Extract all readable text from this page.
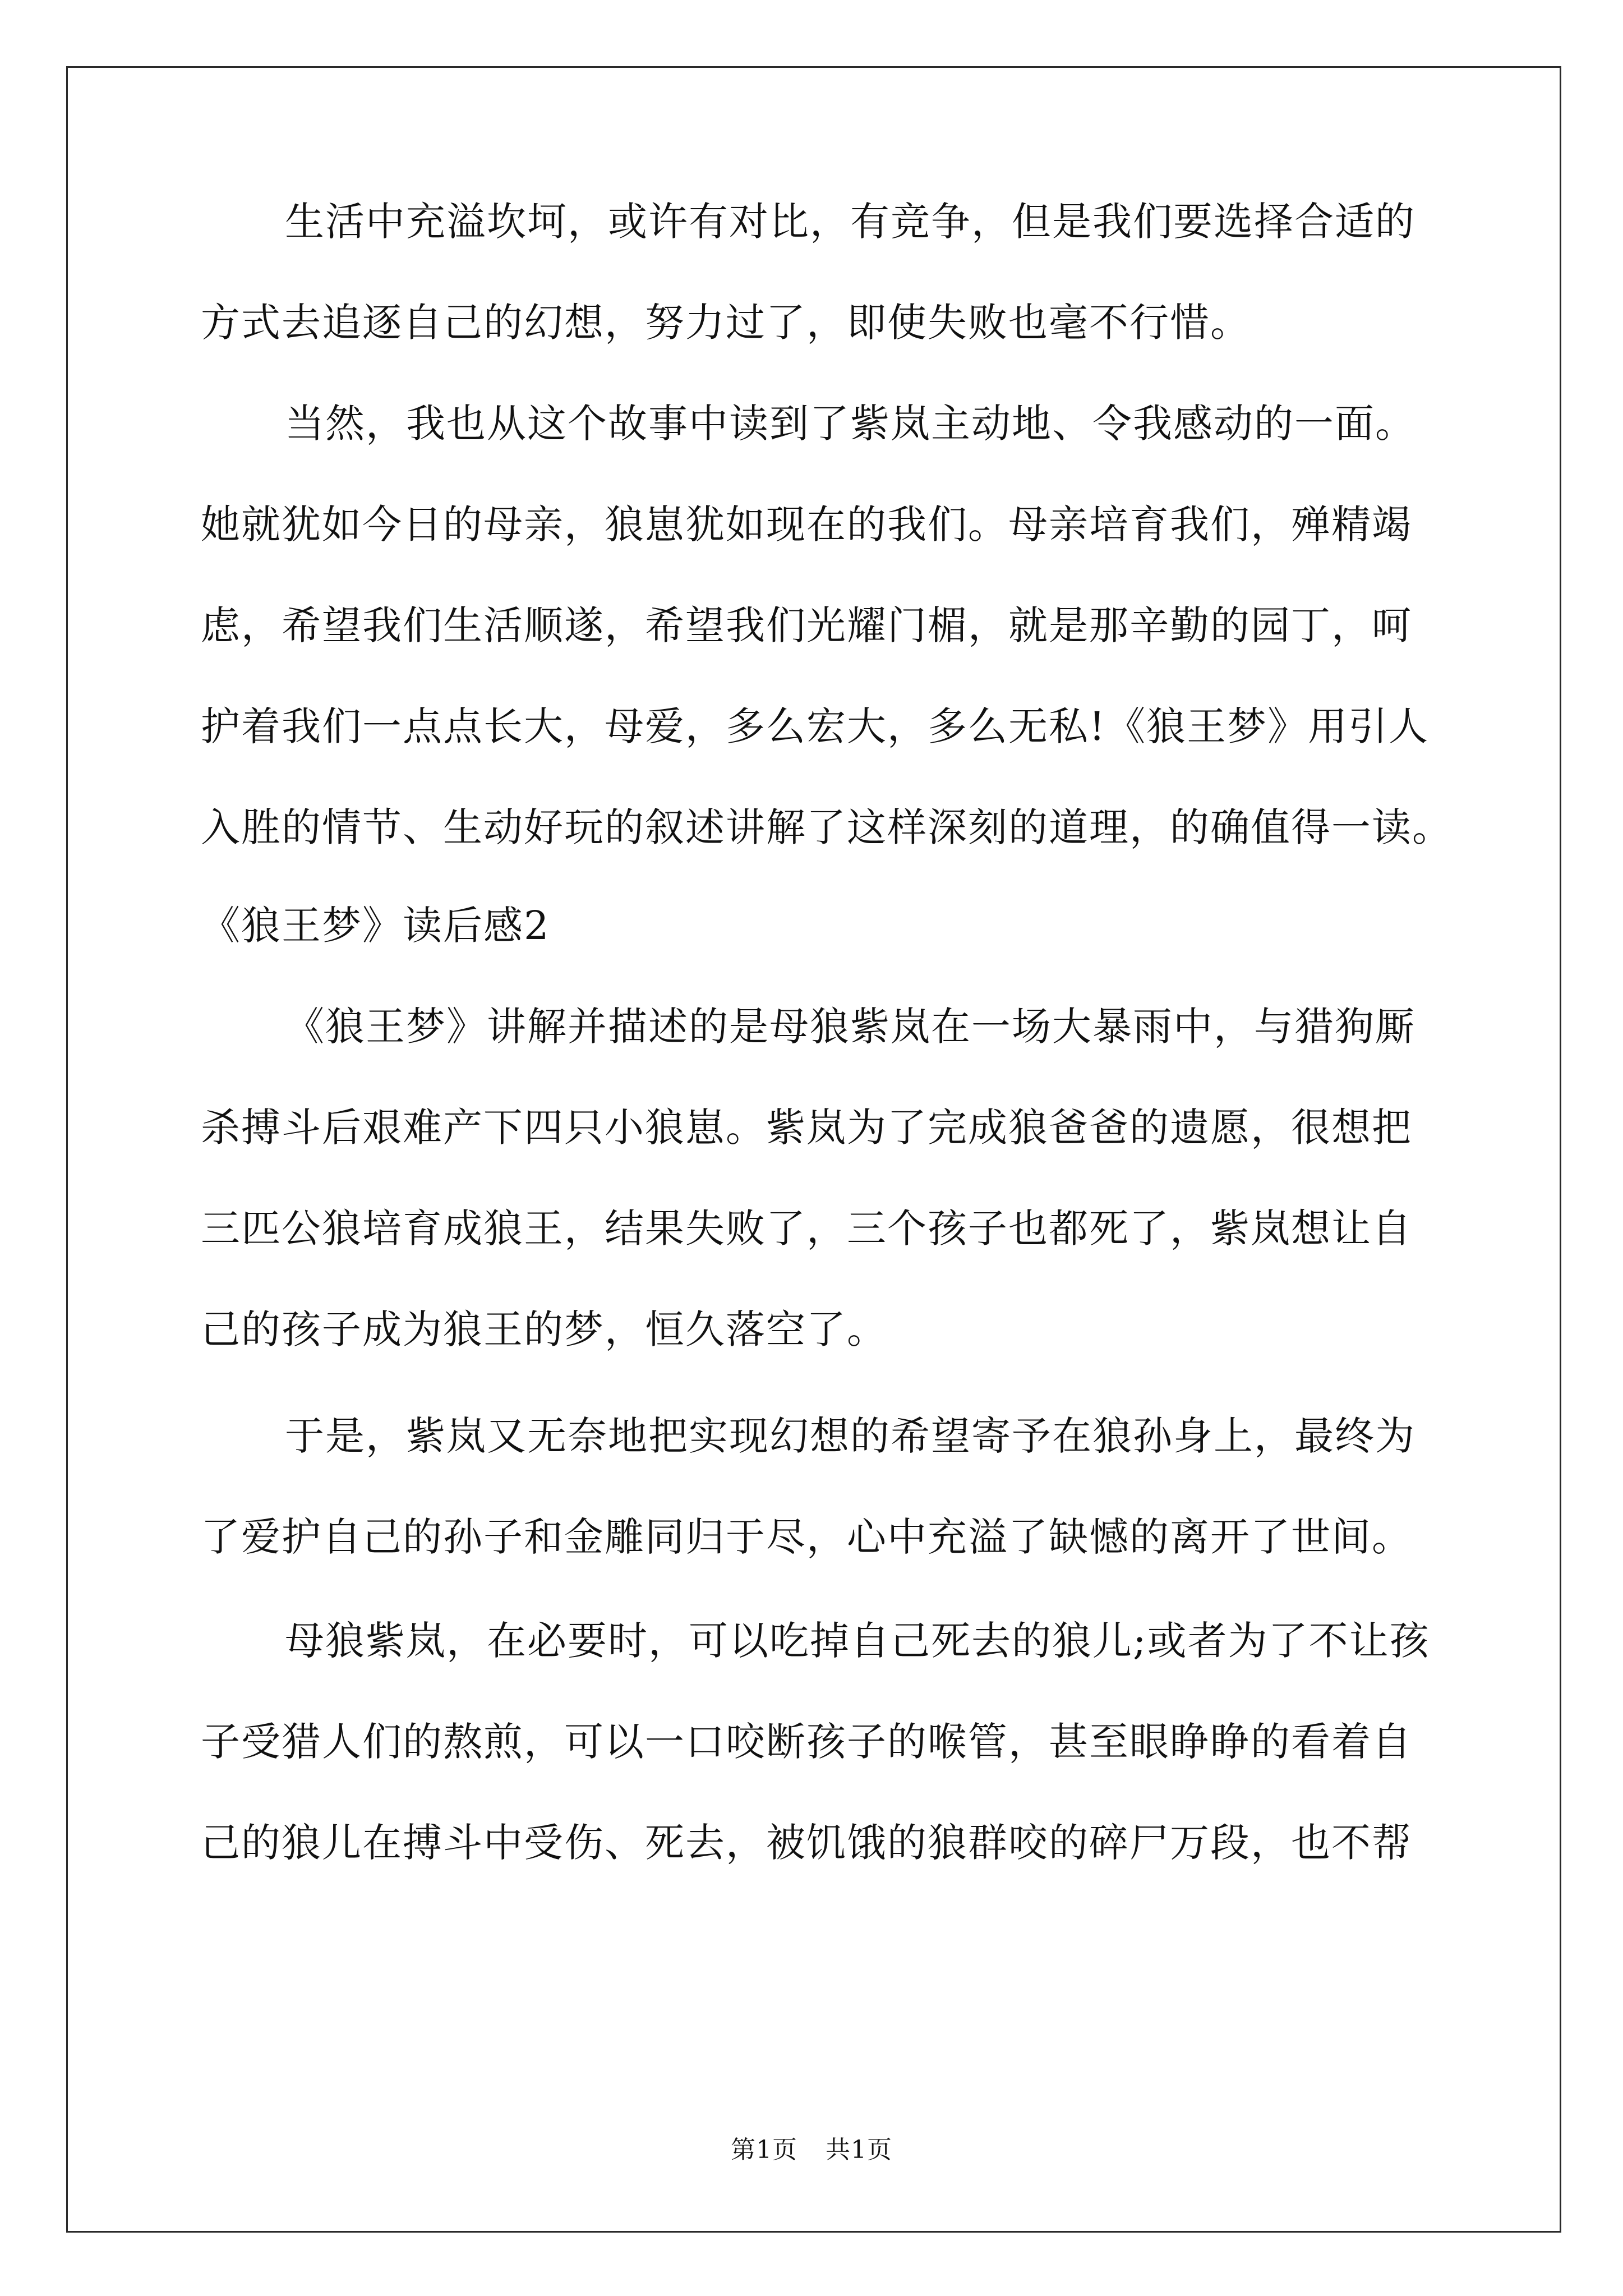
生活中充溢坎坷，或许有对比，有竞争，但是我们要选择合适的

方式去追逐自己的幻想，努力过了，即使失败也毫不行惜。

当然，我也从这个故事中读到了紫岚主动地、令我感动的一面。

她就犹如今日的母亲，狼崽犹如现在的我们。母亲培育我们，殚精竭

虑，希望我们生活顺遂，希望我们光耀门楣，就是那辛勤的园丁，呵

护着我们一点点长大，母爱，多么宏大，多么无私!《狼王梦》用引人

入胜的情节、生动好玩的叙述讲解了这样深刻的道理，的确值得一读。

《狼王梦》读后感2

《狼王梦》讲解并描述的是母狼紫岚在一场大暴雨中，与猎狗厮

杀搏斗后艰难产下四只小狼崽。紫岚为了完成狼爸爸的遗愿，很想把

三匹公狼培育成狼王，结果失败了，三个孩子也都死了，紫岚想让自

己的孩子成为狼王的梦，恒久落空了。

于是，紫岚又无奈地把实现幻想的希望寄予在狼孙身上，最终为

了爱护自己的孙子和金雕同归于尽，心中充溢了缺憾的离开了世间。

母狼紫岚，在必要时，可以吃掉自己死去的狼儿;或者为了不让孩

子受猎人们的熬煎，可以一口咬断孩子的喉管，甚至眼睁睁的看着自

己的狼儿在搏斗中受伤、死去，被饥饿的狼群咬的碎尸万段，也不帮

第1页 共1页
